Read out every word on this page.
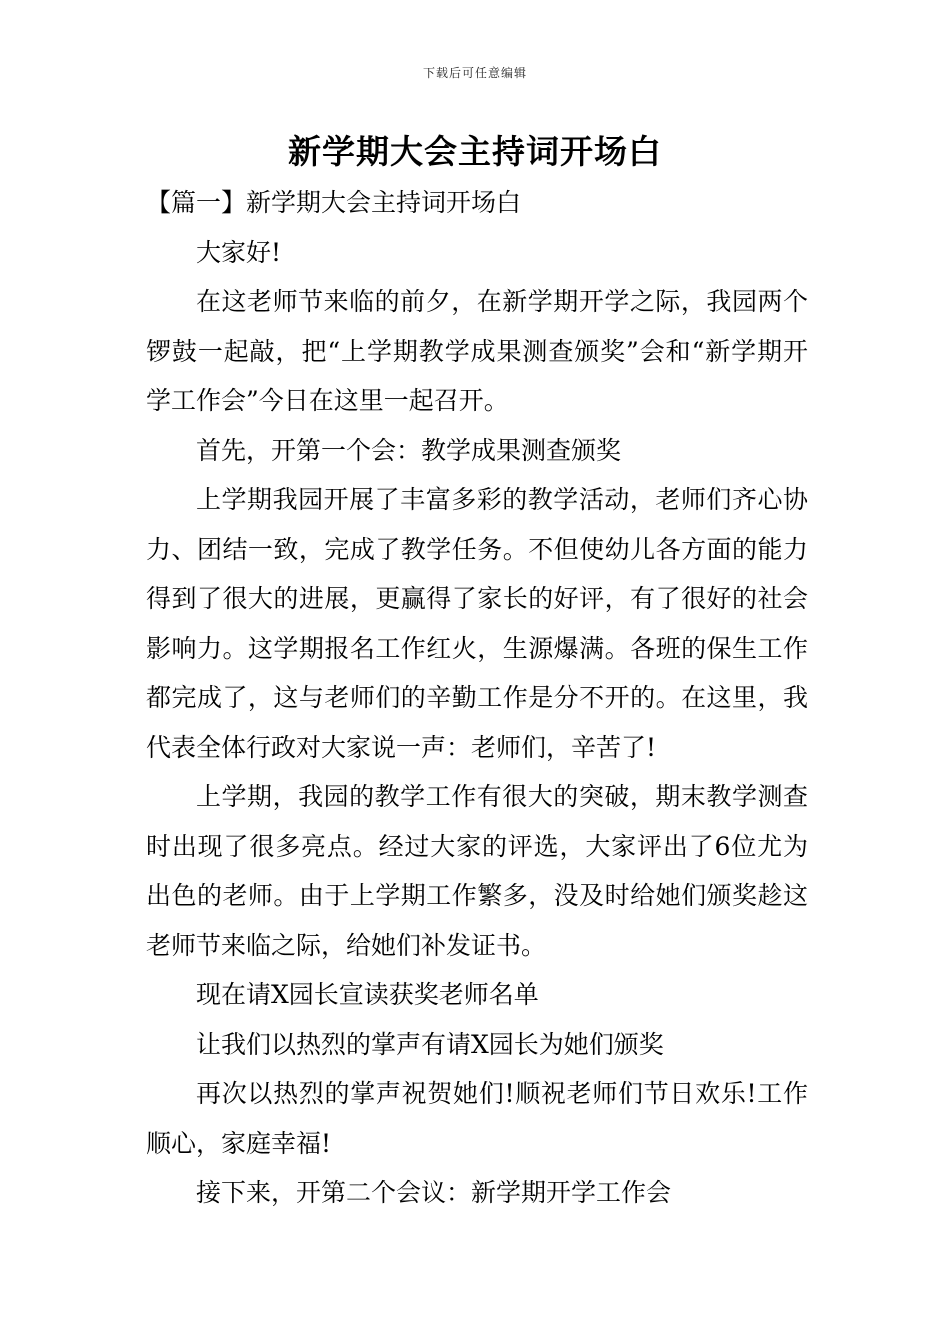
下载后可任意编辑
新学期大会主持词开场白

【篇一】新学期大会主持词开场白

大家好!

在这老师节来临的前夕，在新学期开学之际，我园两个锣鼓一起敲，把“上学期教学成果测查颁奖”会和“新学期开学工作会”今日在这里一起召开。

首先，开第一个会：教学成果测查颁奖

上学期我园开展了丰富多彩的教学活动，老师们齐心协力、团结一致，完成了教学任务。不但使幼儿各方面的能力得到了很大的进展，更赢得了家长的好评，有了很好的社会影响力。这学期报名工作红火，生源爆满。各班的保生工作都完成了，这与老师们的辛勤工作是分不开的。在这里，我代表全体行政对大家说一声：老师们，辛苦了!

上学期，我园的教学工作有很大的突破，期末教学测查时出现了很多亮点。经过大家的评选，大家评出了6位尤为出色的老师。由于上学期工作繁多，没及时给她们颁奖趁这老师节来临之际，给她们补发证书。

现在请X园长宣读获奖老师名单

让我们以热烈的掌声有请X园长为她们颁奖

再次以热烈的掌声祝贺她们!顺祝老师们节日欢乐!工作顺心，家庭幸福!

接下来，开第二个会议：新学期开学工作会
